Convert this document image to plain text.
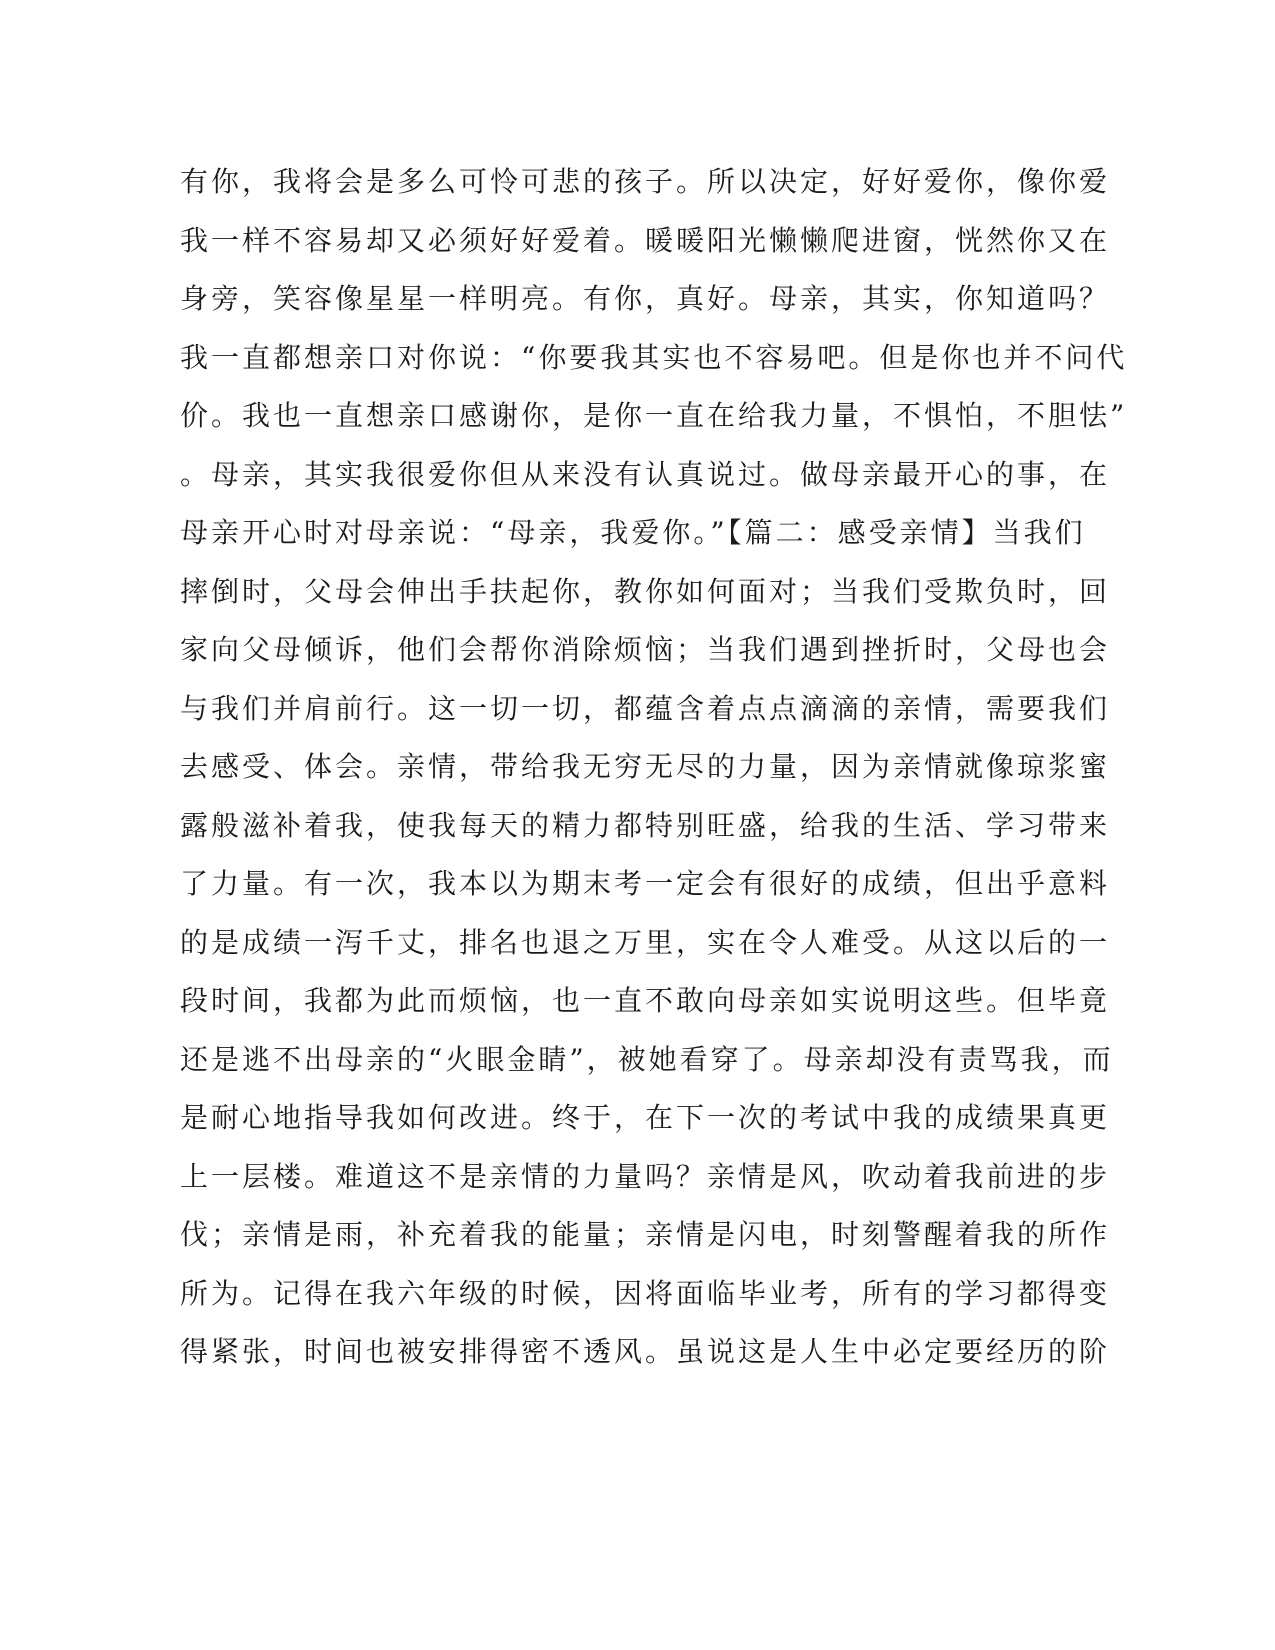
有你，我将会是多么可怜可悲的孩子。所以决定，好好爱你，像你爱
我一样不容易却又必须好好爱着。暖暖阳光懒懒爬进窗，恍然你又在
身旁，笑容像星星一样明亮。有你，真好。母亲，其实，你知道吗？
我一直都想亲口对你说：“你要我其实也不容易吧。但是你也并不问代
价。我也一直想亲口感谢你，是你一直在给我力量，不惧怕，不胆怯”
。母亲，其实我很爱你但从来没有认真说过。做母亲最开心的事，在
母亲开心时对母亲说：“母亲，我爱你。”【篇二：感受亲情】当我们
摔倒时，父母会伸出手扶起你，教你如何面对；当我们受欺负时，回
家向父母倾诉，他们会帮你消除烦恼；当我们遇到挫折时，父母也会
与我们并肩前行。这一切一切，都蕴含着点点滴滴的亲情，需要我们
去感受、体会。亲情，带给我无穷无尽的力量，因为亲情就像琼浆蜜
露般滋补着我，使我每天的精力都特别旺盛，给我的生活、学习带来
了力量。有一次，我本以为期末考一定会有很好的成绩，但出乎意料
的是成绩一泻千丈，排名也退之万里，实在令人难受。从这以后的一
段时间，我都为此而烦恼，也一直不敢向母亲如实说明这些。但毕竟
还是逃不出母亲的“火眼金睛”，被她看穿了。母亲却没有责骂我，而
是耐心地指导我如何改进。终于，在下一次的考试中我的成绩果真更
上一层楼。难道这不是亲情的力量吗？亲情是风，吹动着我前进的步
伐；亲情是雨，补充着我的能量；亲情是闪电，时刻警醒着我的所作
所为。记得在我六年级的时候，因将面临毕业考，所有的学习都得变
得紧张，时间也被安排得密不透风。虽说这是人生中必定要经历的阶
